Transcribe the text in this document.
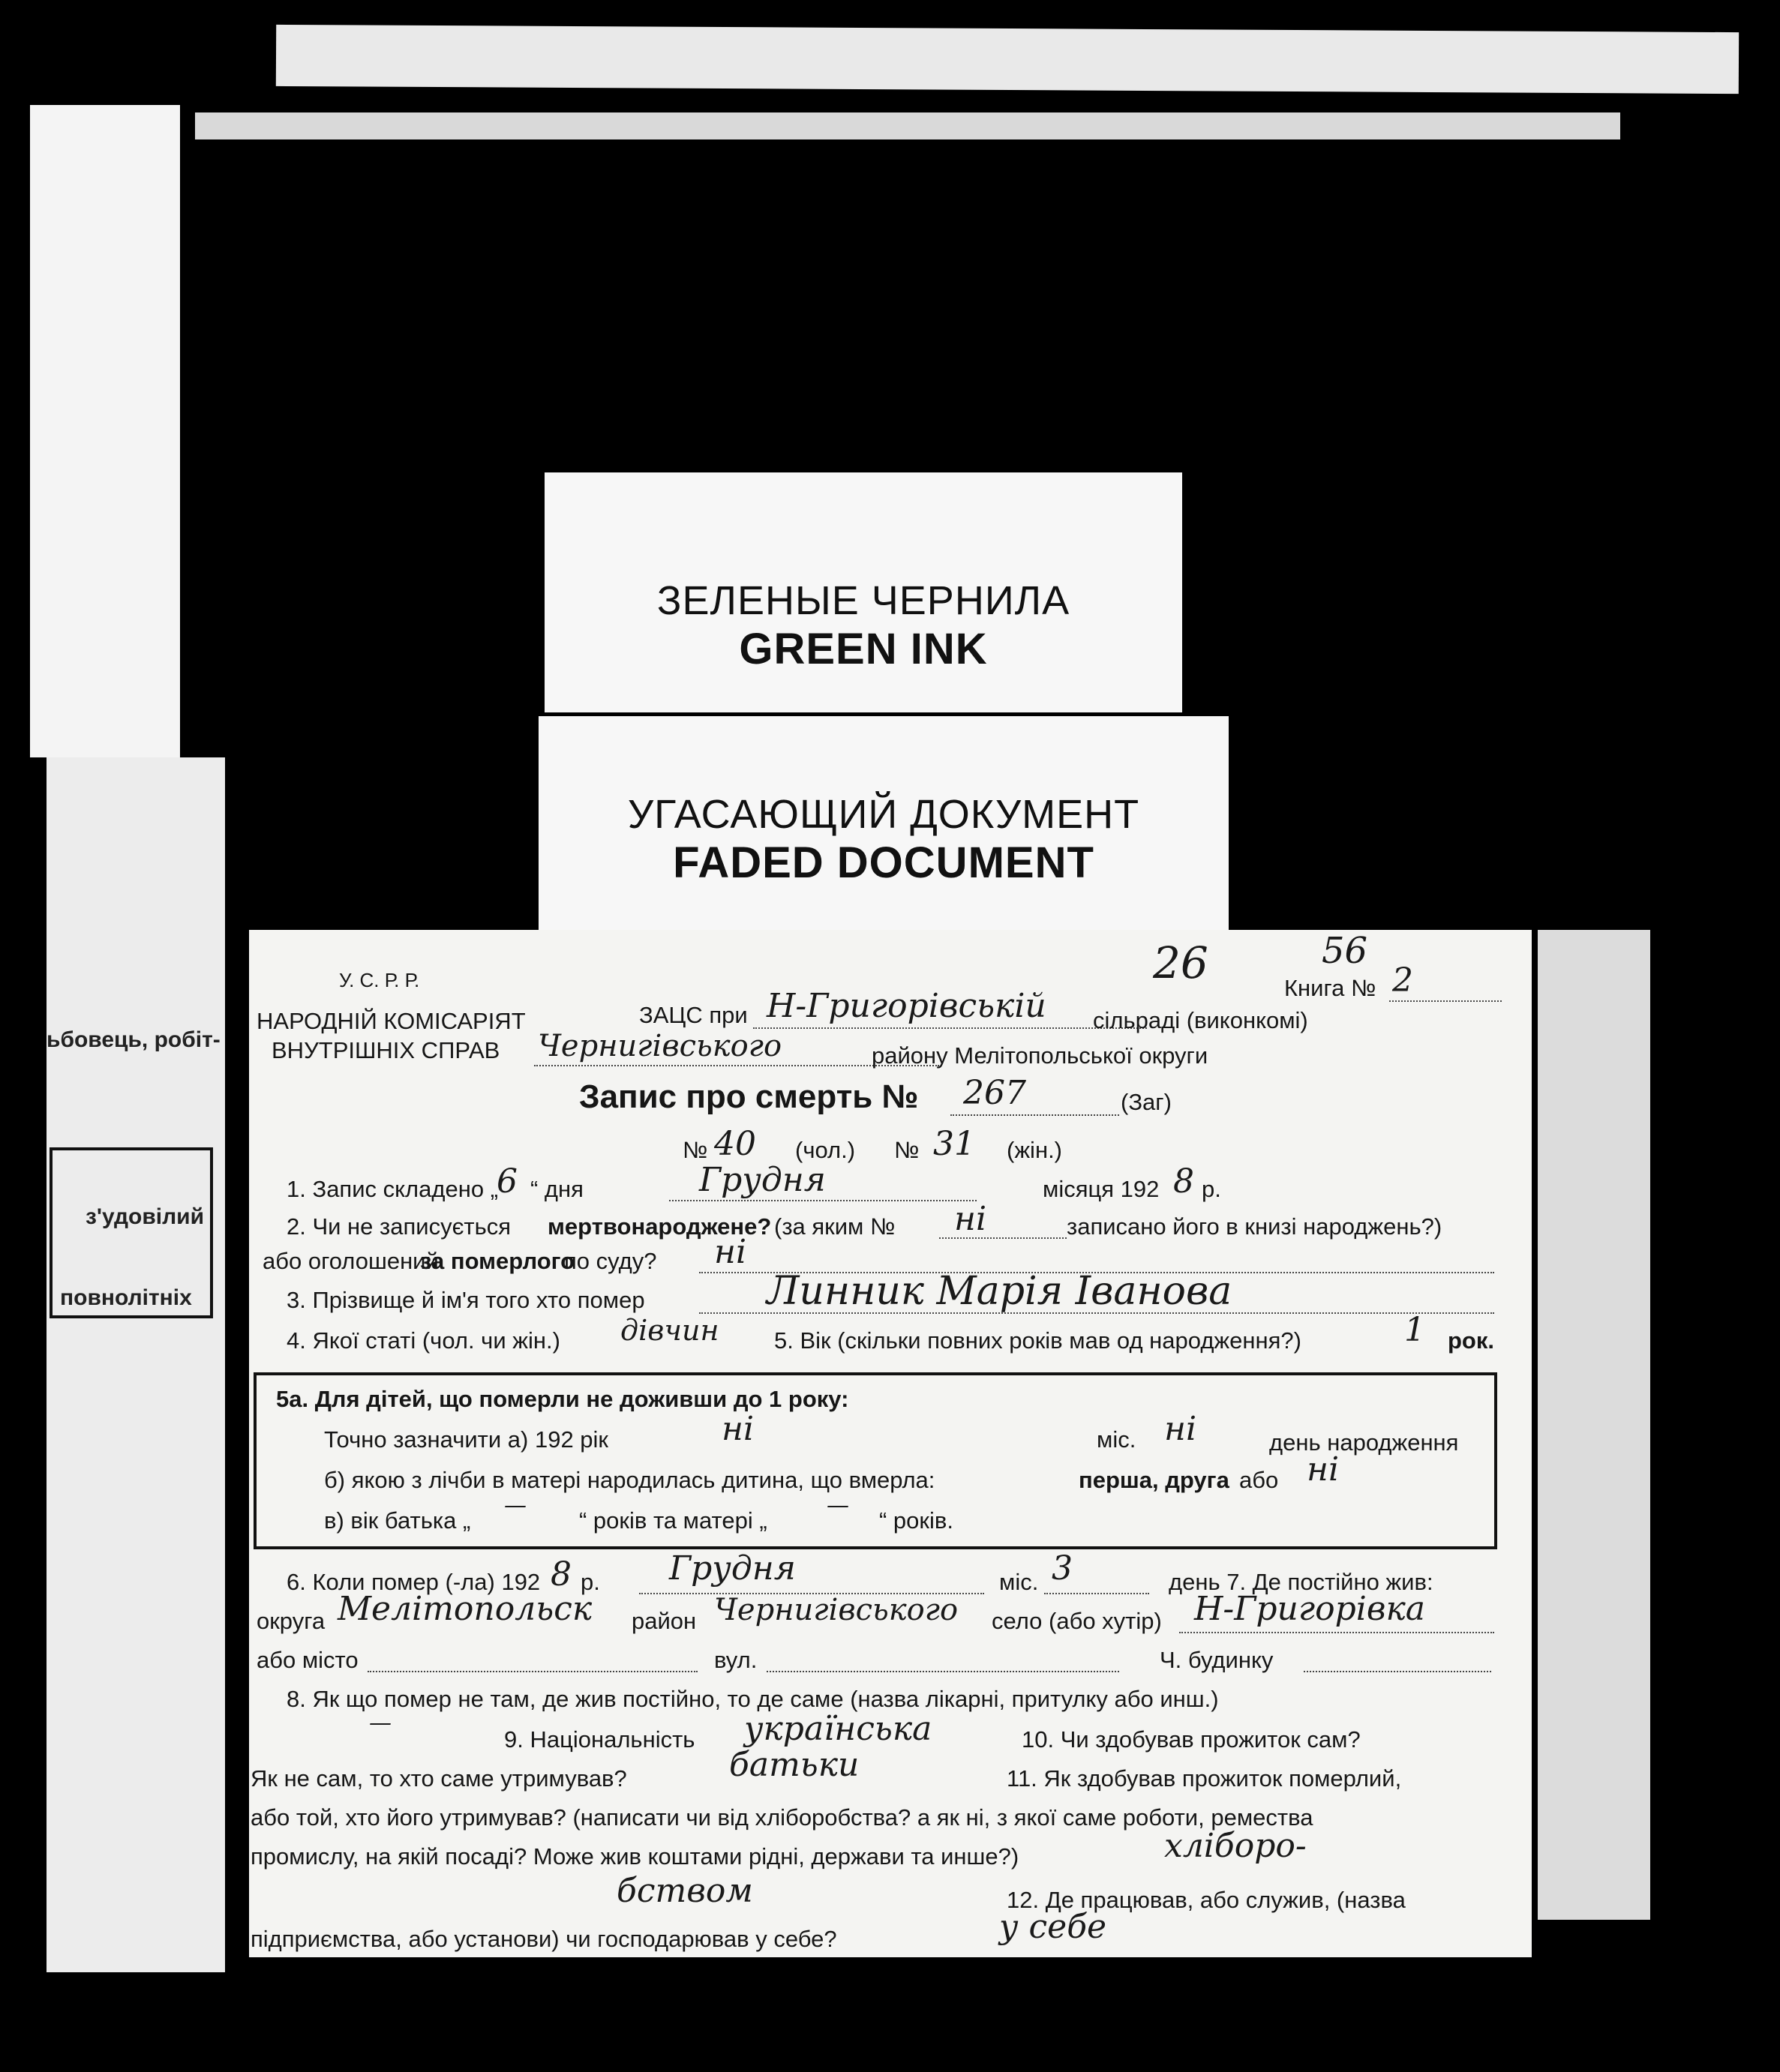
ьбовець, робіт-
з'удовілий
повнолітніх
ЗЕЛЕНЫЕ ЧЕРНИЛА
GREEN INK
УГАСАЮЩИЙ ДОКУМЕНТ
FADED DOCUMENT
У. С. Р. Р.
НАРОДНІЙ КОМІСАРІЯТ
ВНУТРІШНІХ СПРАВ
26	56
Книга № 2
ЗАЦС при Н-Григорівській сільраді (виконкомі)
Чернигівського	району Мелітопольської округи
Запис про смерть № 267	(Заг)
№ 40 (чол.) № 31 (жін.)
1. Запис складено „
6 “ дня	Грудня	місяця 192 8 р.
2. Чи не записується мертвонароджене? (за яким № ні	записано його в книзі народжень?)
або оголошений
за померлого
по суду? ні
3. Прізвище й ім'я того хто помер	Линник Марія Іванова
4. Якої статі (чол. чи жін.) дівчин 5. Вік (скільки повних років мав од народження?)	1 рок.
5а. Для дітей, що померли не доживши до 1 року:
Точно зазначити а) 192 рік	ні	міс. ні	день народження
б) якою з лічби в матері народилась дитина, що вмерла:	перша, друга або ні
в) вік батька „
—
“ років та матері „
—
“ років.
6. Коли помер (-ла) 192 8 р. Грудня	міс. 3	день 7. Де постійно жив:
округа Мелітопольск район Чернигівського село (або хутір) Н-Григорівка
або місто	вул.	Ч. будинку
8. Як що помер не там, де жив постійно, то де саме (назва лікарні, притулку або инш.)
—
9. Національність українська	10. Чи здобував прожиток сам?
Як не сам, то хто саме утримував?	батьки	11. Як здобував прожиток померлий,
або той, хто його утримував? (написати чи від хліборобства? а як ні, з якої саме роботи, ремества
промислу, на якій посаді? Може жив коштами рідні, держави та инше?)	хліборо-
бством	12. Де працював, або служив, (назва
підприємства, або установи) чи господарював у себе?	у себе
